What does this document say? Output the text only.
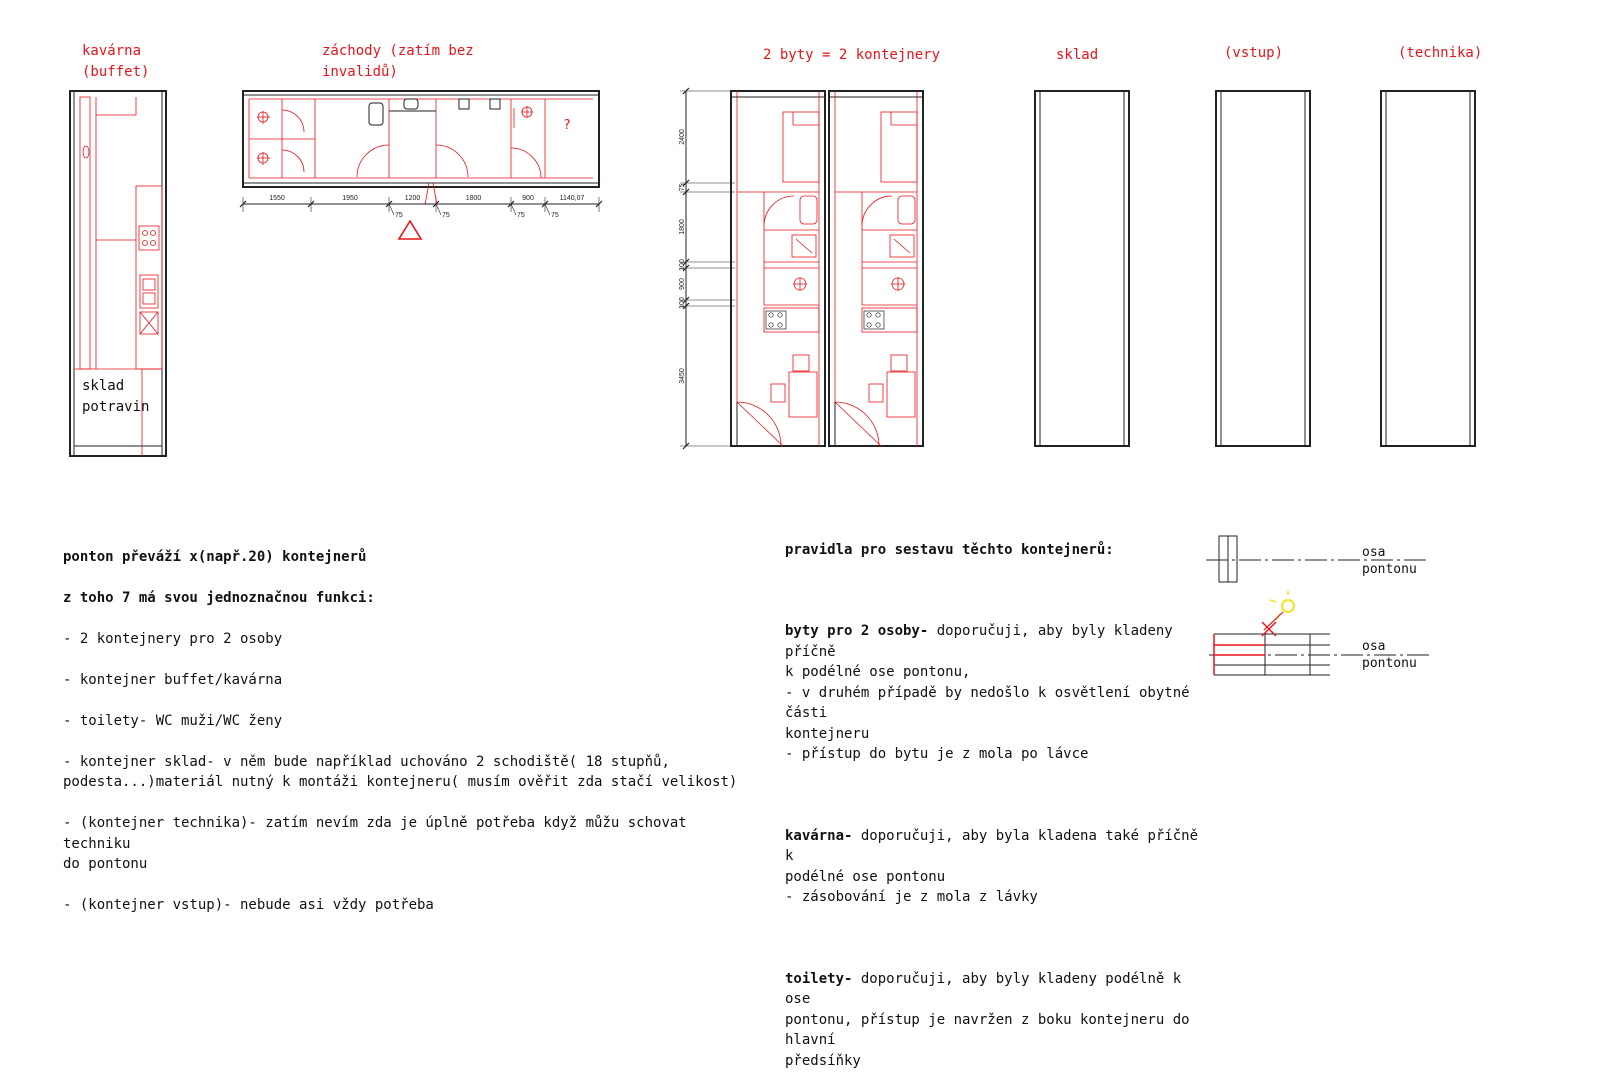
?
1550	1950	1200	1800	900	1140,07
75	75	75	75
2400
75
1800
100
900
100
3450
kavárna
(buffet)
záchody (zatím bez
invalidů)
2 byty = 2 kontejnery	sklad	(vstup)	(technika)
sklad
potravin

ponton převáží x(např.20) kontejnerů

z toho 7 má svou jednoznačnou funkci:

- 2 kontejnery pro 2 osoby

- kontejner buffet/kavárna

- toilety- WC muži/WC ženy

- kontejner sklad- v něm bude například uchováno 2 schodiště( 18 stupňů,
podesta...)materiál nutný k montáži kontejneru( musím ověřit zda stačí velikost)

- (kontejner technika)- zatím nevím zda je úplně potřeba když můžu schovat techniku
do pontonu

- (kontejner vstup)- nebude asi vždy potřeba

pravidla pro sestavu těchto kontejnerů:

byty pro 2 osoby- doporučuji, aby byly kladeny příčně
k podélné ose pontonu,
- v druhém případě by nedošlo k osvětlení obytné části
kontejneru
- přístup do bytu je z mola po lávce

kavárna- doporučuji, aby byla kladena také příčně k
podélné ose pontonu
- zásobování je z mola z lávky

toilety- doporučuji, aby byly kladeny podélně k ose
pontonu, přístup je navržen z boku kontejneru do hlavní
předsíňky

osa
pontonu
osa
pontonu
